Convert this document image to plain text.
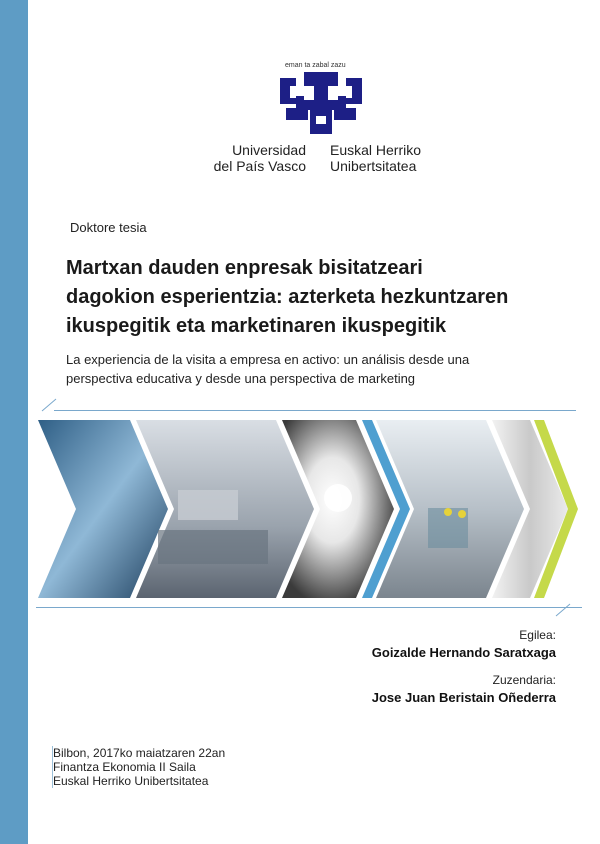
eman ta zabal zazu
Universidad
del País Vasco
Euskal Herriko
Unibertsitatea
Doktore tesia
Martxan dauden enpresak bisitatzeari
dagokion esperientzia: azterketa hezkuntzaren
ikuspegitik eta marketinaren ikuspegitik
La experiencia de la visita a empresa en activo: un análisis desde una
perspectiva educativa y desde una perspectiva de marketing
Egilea:
Goizalde Hernando Saratxaga
Zuzendaria:
Jose Juan Beristain Oñederra
Bilbon, 2017ko maiatzaren 22an
Finantza Ekonomia II Saila
Euskal Herriko Unibertsitatea
